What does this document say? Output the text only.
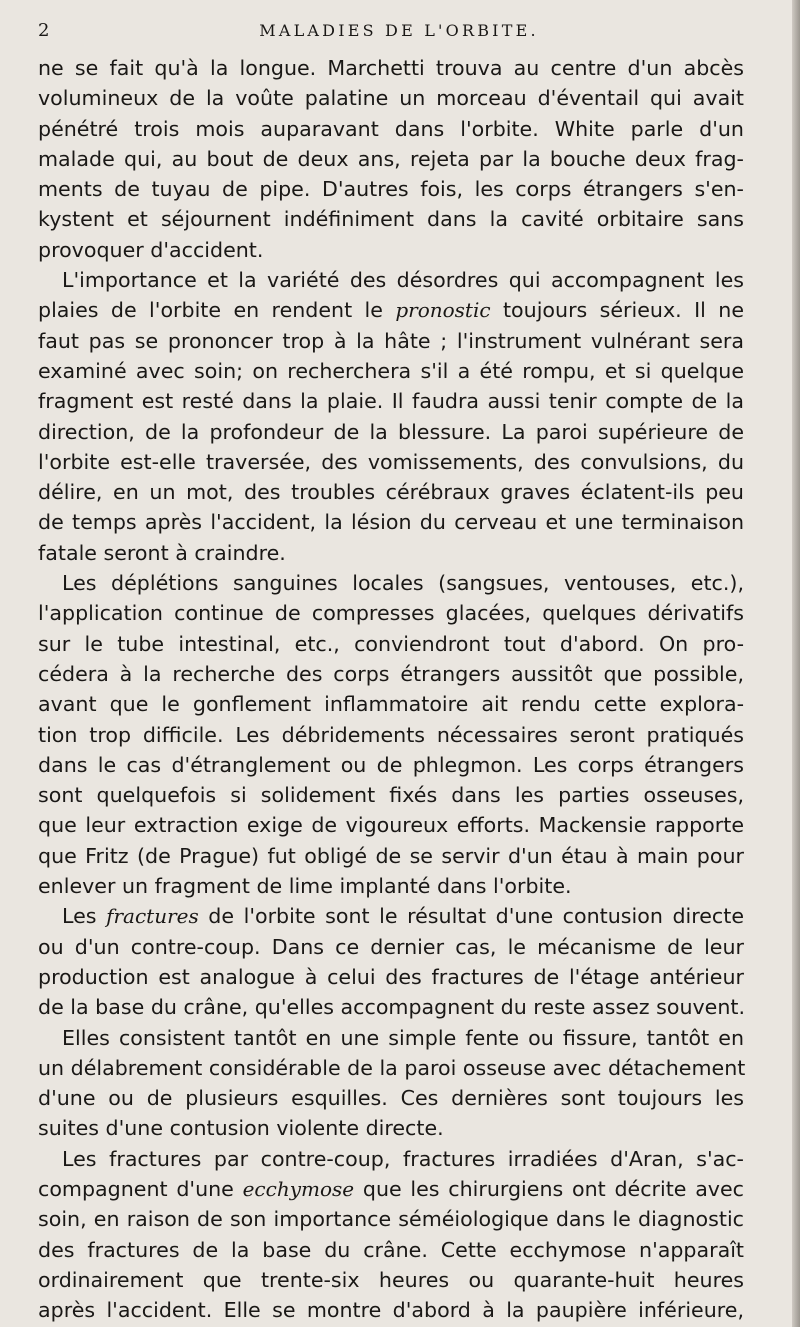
2	MALADIES DE L'ORBITE.
ne se fait qu'à la longue. Marchetti trouva au centre d'un abcès
volumineux de la voûte palatine un morceau d'éventail qui avait
pénétré trois mois auparavant dans l'orbite. White parle d'un
malade qui, au bout de deux ans, rejeta par la bouche deux frag-
ments de tuyau de pipe. D'autres fois, les corps étrangers s'en-
kystent et séjournent indéfiniment dans la cavité orbitaire sans
provoquer d'accident.
L'importance et la variété des désordres qui accompagnent les
plaies de l'orbite en rendent le pronostic toujours sérieux. Il ne
faut pas se prononcer trop à la hâte ; l'instrument vulnérant sera
examiné avec soin; on recherchera s'il a été rompu, et si quelque
fragment est resté dans la plaie. Il faudra aussi tenir compte de la
direction, de la profondeur de la blessure. La paroi supérieure de
l'orbite est-elle traversée, des vomissements, des convulsions, du
délire, en un mot, des troubles cérébraux graves éclatent-ils peu
de temps après l'accident, la lésion du cerveau et une terminaison
fatale seront à craindre.
Les déplétions sanguines locales (sangsues, ventouses, etc.),
l'application continue de compresses glacées, quelques dérivatifs
sur le tube intestinal, etc., conviendront tout d'abord. On pro-
cédera à la recherche des corps étrangers aussitôt que possible,
avant que le gonflement inflammatoire ait rendu cette explora-
tion trop difficile. Les débridements nécessaires seront pratiqués
dans le cas d'étranglement ou de phlegmon. Les corps étrangers
sont quelquefois si solidement fixés dans les parties osseuses,
que leur extraction exige de vigoureux efforts. Mackensie rapporte
que Fritz (de Prague) fut obligé de se servir d'un étau à main pour
enlever un fragment de lime implanté dans l'orbite.
Les fractures de l'orbite sont le résultat d'une contusion directe
ou d'un contre-coup. Dans ce dernier cas, le mécanisme de leur
production est analogue à celui des fractures de l'étage antérieur
de la base du crâne, qu'elles accompagnent du reste assez souvent.
Elles consistent tantôt en une simple fente ou fissure, tantôt en
un délabrement considérable de la paroi osseuse avec détachement
d'une ou de plusieurs esquilles. Ces dernières sont toujours les
suites d'une contusion violente directe.
Les fractures par contre-coup, fractures irradiées d'Aran, s'ac-
compagnent d'une ecchymose que les chirurgiens ont décrite avec
soin, en raison de son importance séméiologique dans le diagnostic
des fractures de la base du crâne. Cette ecchymose n'apparaît
ordinairement que trente-six heures ou quarante-huit heures
après l'accident. Elle se montre d'abord à la paupière inférieure,
